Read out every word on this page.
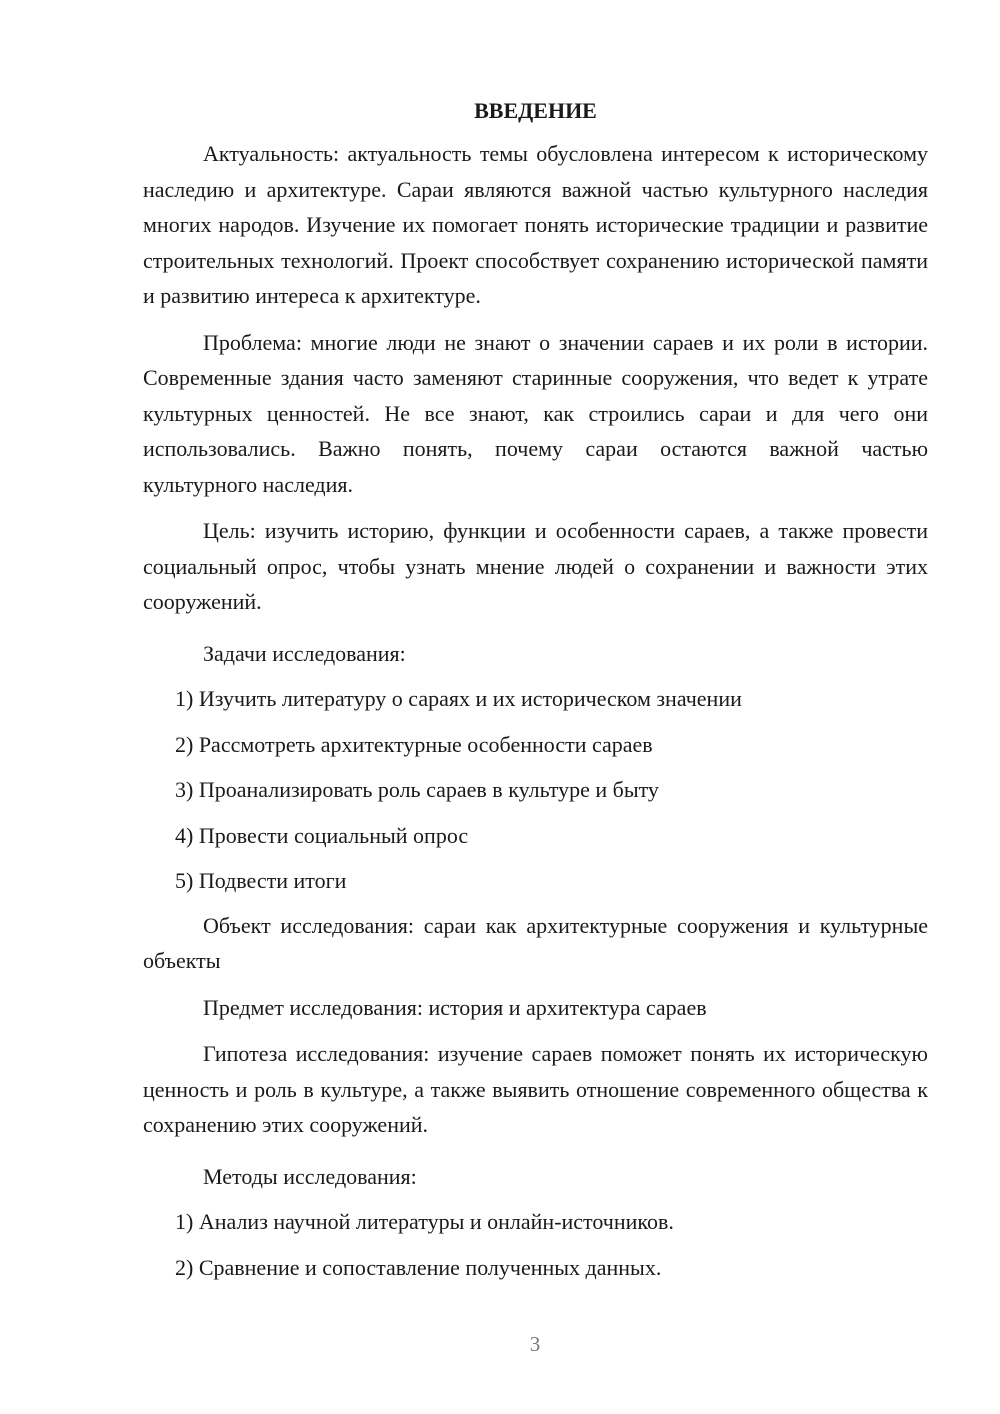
ВВЕДЕНИЕ

Актуальность: актуальность темы обусловлена интересом к историческому наследию и архитектуре. Сараи являются важной частью культурного наследия многих народов. Изучение их помогает понять исторические традиции и развитие строительных технологий. Проект способствует сохранению исторической памяти и развитию интереса к архитектуре.

Проблема: многие люди не знают о значении сараев и их роли в истории. Современные здания часто заменяют старинные сооружения, что ведет к утрате культурных ценностей. Не все знают, как строились сараи и для чего они использовались. Важно понять, почему сараи остаются важной частью культурного наследия.

Цель: изучить историю, функции и особенности сараев, а также провести социальный опрос, чтобы узнать мнение людей о сохранении и важности этих сооружений.

Задачи исследования:

1) Изучить литературу о сараях и их историческом значении
2) Рассмотреть архитектурные особенности сараев
3) Проанализировать роль сараев в культуре и быту
4) Провести социальный опрос
5) Подвести итоги

Объект исследования: сараи как архитектурные сооружения и культурные объекты

Предмет исследования: история и архитектура сараев

Гипотеза исследования: изучение сараев поможет понять их историческую ценность и роль в культуре, а также выявить отношение современного общества к сохранению этих сооружений.

Методы исследования:

1) Анализ научной литературы и онлайн-источников.
2) Сравнение и сопоставление полученных данных.
3
